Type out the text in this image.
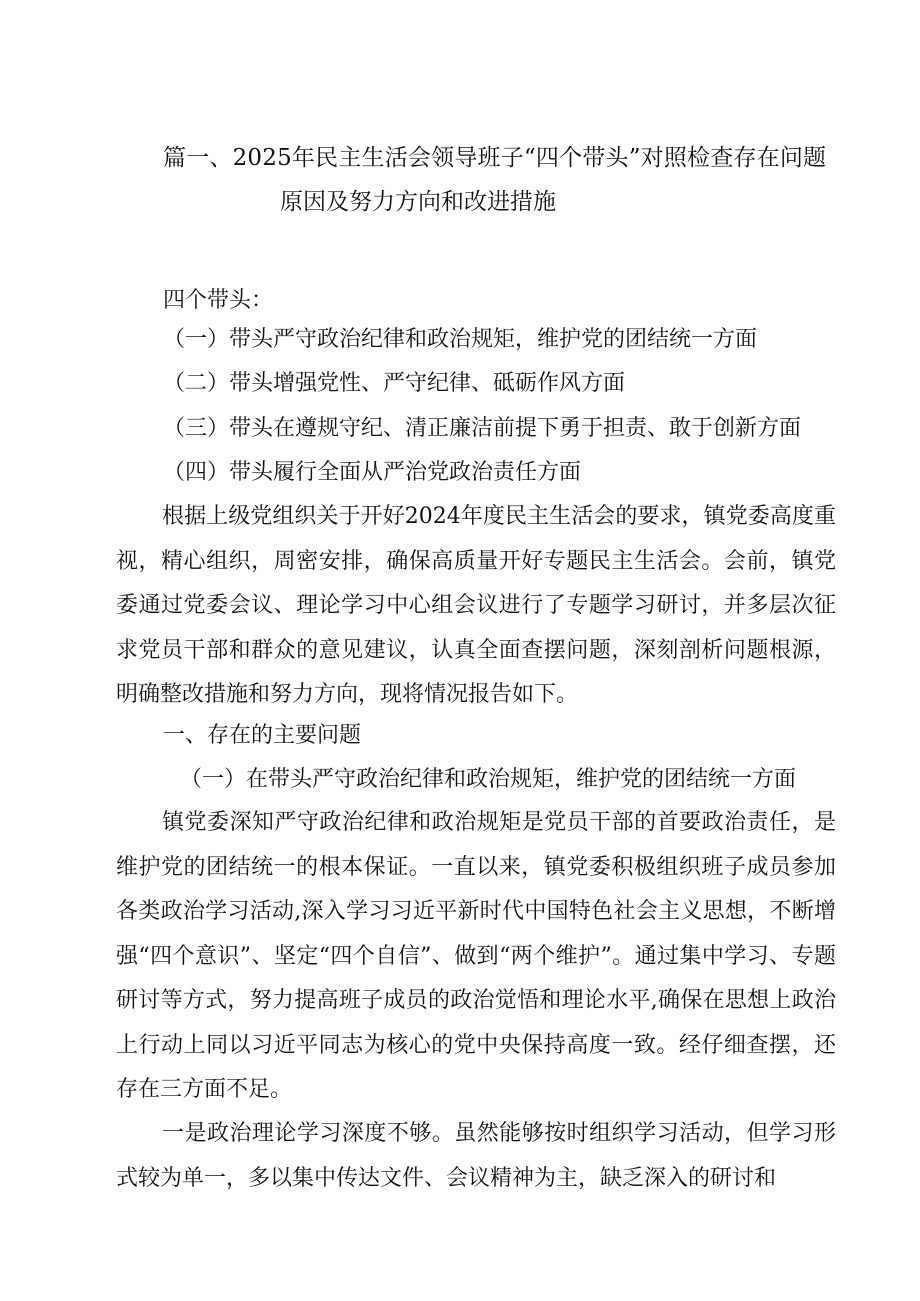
篇一、2025年民主生活会领导班子“四个带头”对照检查存在问题
原因及努力方向和改进措施
四个带头：
（一）带头严守政治纪律和政治规矩，维护党的团结统一方面
（二）带头增强党性、严守纪律、砥砺作风方面
（三）带头在遵规守纪、清正廉洁前提下勇于担责、敢于创新方面
（四）带头履行全面从严治党政治责任方面

根据上级党组织关于开好2024年度民主生活会的要求，镇党委高度重视，精心组织，周密安排，确保高质量开好专题民主生活会。会前，镇党委通过党委会议、理论学习中心组会议进行了专题学习研讨，并多层次征求党员干部和群众的意见建议，认真全面查摆问题，深刻剖析问题根源，明确整改措施和努力方向，现将情况报告如下。

一、存在的主要问题
（一）在带头严守政治纪律和政治规矩，维护党的团结统一方面

镇党委深知严守政治纪律和政治规矩是党员干部的首要政治责任，是维护党的团结统一的根本保证。一直以来，镇党委积极组织班子成员参加各类政治学习活动,深入学习习近平新时代中国特色社会主义思想，不断增强“四个意识”、坚定“四个自信”、做到“两个维护”。通过集中学习、专题研讨等方式，努力提高班子成员的政治觉悟和理论水平,确保在思想上政治上行动上同以习近平同志为核心的党中央保持高度一致。经仔细查摆，还存在三方面不足。

一是政治理论学习深度不够。虽然能够按时组织学习活动，但学习形式较为单一，多以集中传达文件、会议精神为主，缺乏深入的研讨和
